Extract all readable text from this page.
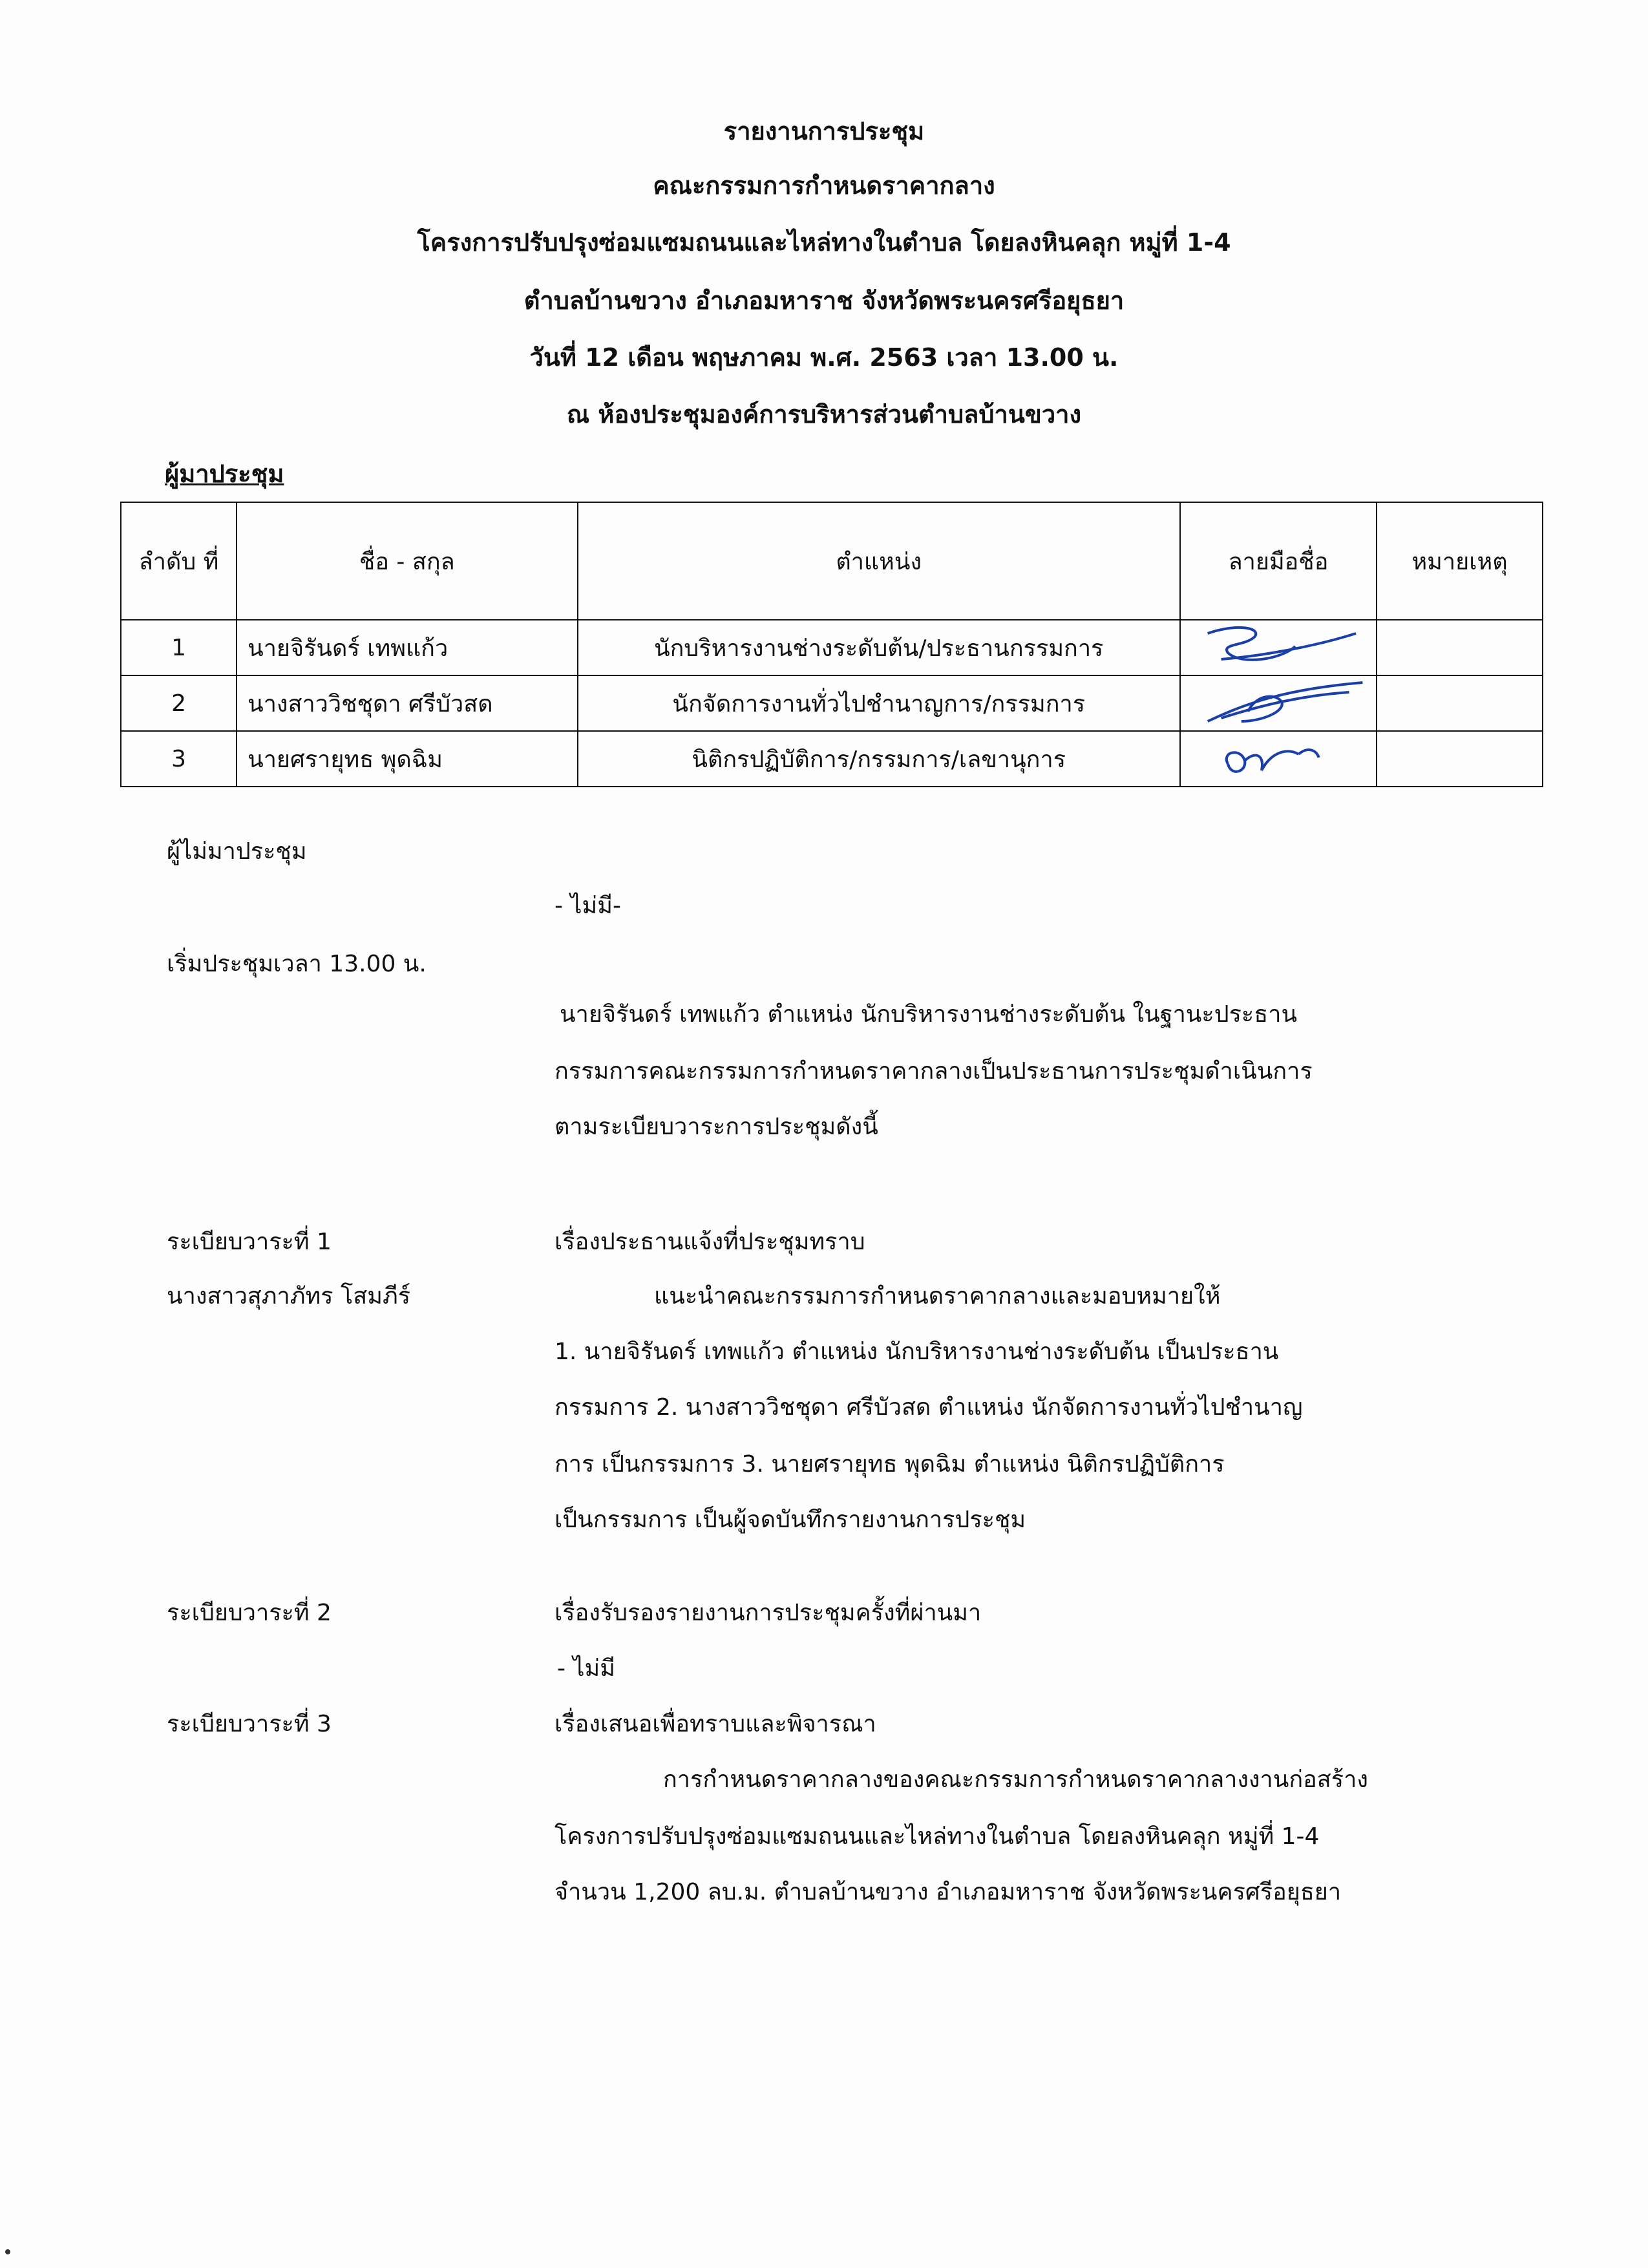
รายงานการประชุม
คณะกรรมการกำหนดราคากลาง
โครงการปรับปรุงซ่อมแซมถนนและไหล่ทางในตำบล โดยลงหินคลุก หมู่ที่ 1-4
ตำบลบ้านขวาง อำเภอมหาราช จังหวัดพระนครศรีอยุธยา
วันที่ 12 เดือน พฤษภาคม พ.ศ. 2563 เวลา 13.00 น.
ณ ห้องประชุมองค์การบริหารส่วนตำบลบ้านขวาง
ผู้มาประชุม
ลำดับ ที่	ชื่อ - สกุล	ตำแหน่ง	ลายมือชื่อ	หมายเหตุ
1	นายจิรันดร์ เทพแก้ว	นักบริหารงานช่างระดับต้น/ประธานกรรมการ	

2	นางสาววิชชุดา ศรีบัวสด	นักจัดการงานทั่วไปชำนาญการ/กรรมการ	

3	นายศรายุทธ พุดฉิม	นิติกรปฏิบัติการ/กรรมการ/เลขานุการ	

ผู้ไม่มาประชุม
- ไม่มี-
เริ่มประชุมเวลา 13.00 น.
นายจิรันดร์ เทพแก้ว ตำแหน่ง นักบริหารงานช่างระดับต้น ในฐานะประธาน
กรรมการคณะกรรมการกำหนดราคากลางเป็นประธานการประชุมดำเนินการ
ตามระเบียบวาระการประชุมดังนี้
ระเบียบวาระที่ 1	เรื่องประธานแจ้งที่ประชุมทราบ
นางสาวสุภาภัทร โสมภีร์	แนะนำคณะกรรมการกำหนดราคากลางและมอบหมายให้
1. นายจิรันดร์ เทพแก้ว ตำแหน่ง นักบริหารงานช่างระดับต้น เป็นประธาน
กรรมการ 2. นางสาววิชชุดา ศรีบัวสด ตำแหน่ง นักจัดการงานทั่วไปชำนาญ
การ เป็นกรรมการ 3. นายศรายุทธ พุดฉิม ตำแหน่ง นิติกรปฏิบัติการ
เป็นกรรมการ เป็นผู้จดบันทึกรายงานการประชุม
ระเบียบวาระที่ 2	เรื่องรับรองรายงานการประชุมครั้งที่ผ่านมา
- ไม่มี
ระเบียบวาระที่ 3	เรื่องเสนอเพื่อทราบและพิจารณา
การกำหนดราคากลางของคณะกรรมการกำหนดราคากลางงานก่อสร้าง
โครงการปรับปรุงซ่อมแซมถนนและไหล่ทางในตำบล โดยลงหินคลุก หมู่ที่ 1-4
จำนวน 1,200 ลบ.ม. ตำบลบ้านขวาง อำเภอมหาราช จังหวัดพระนครศรีอยุธยา
